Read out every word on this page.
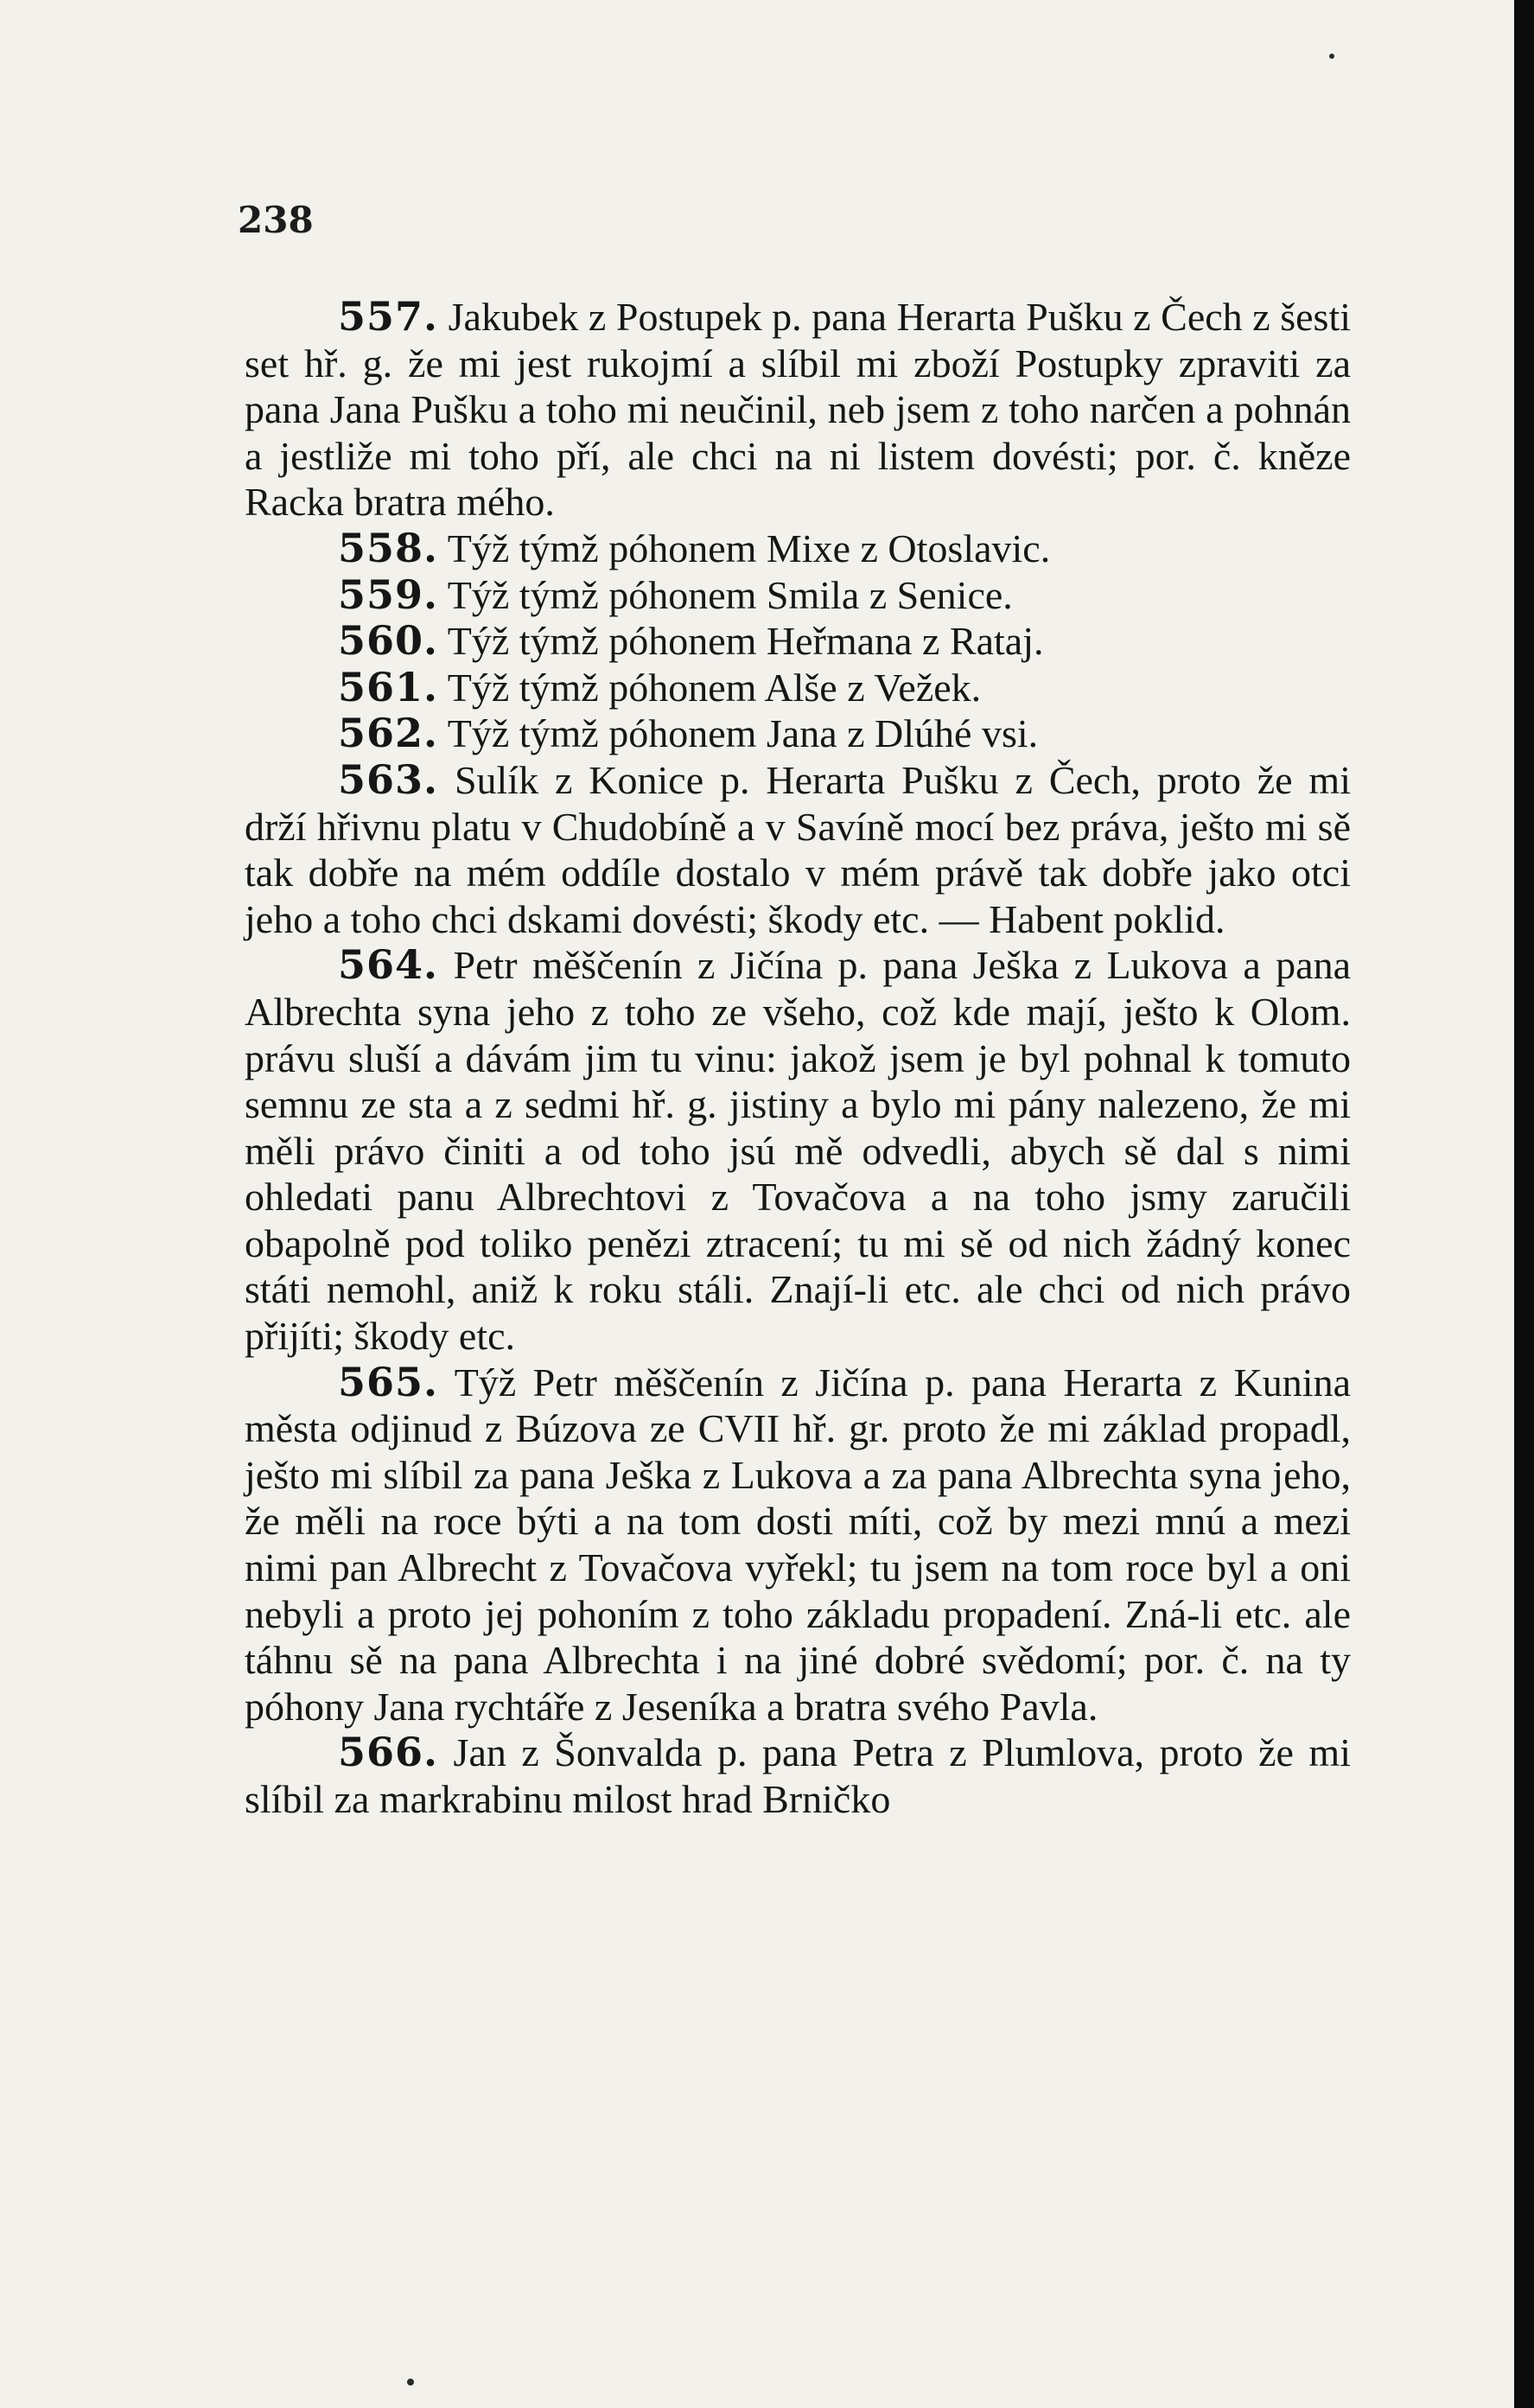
238

557. Jakubek z Postupek p. pana Herarta Pušku z Čech z šesti set hř. g. že mi jest rukojmí a slíbil mi zboží Postupky zpraviti za pana Jana Pušku a toho mi neučinil, neb jsem z toho narčen a pohnán a jestliže mi toho pří, ale chci na ni listem dovésti; por. č. kněze Racka bratra mého.

558. Týž týmž póhonem Mixe z Otoslavic.

559. Týž týmž póhonem Smila z Senice.

560. Týž týmž póhonem Heřmana z Rataj.

561. Týž týmž póhonem Alše z Vežek.

562. Týž týmž póhonem Jana z Dlúhé vsi.

563. Sulík z Konice p. Herarta Pušku z Čech, proto že mi drží hřivnu platu v Chudobíně a v Savíně mocí bez práva, ješto mi sě tak dobře na mém oddíle dostalo v mém právě tak dobře jako otci jeho a toho chci dskami dovésti; škody etc. — Habent poklid.

564. Petr měščenín z Jičína p. pana Ješka z Lukova a pana Albrechta syna jeho z toho ze všeho, což kde mají, ješto k Olom. právu sluší a dávám jim tu vinu: jakož jsem je byl pohnal k tomuto semnu ze sta a z sedmi hř. g. jistiny a bylo mi pány nalezeno, že mi měli právo činiti a od toho jsú mě odvedli, abych sě dal s nimi ohledati panu Albrechtovi z Tovačova a na toho jsmy zaručili obapolně pod toliko penězi ztracení; tu mi sě od nich žádný konec státi nemohl, aniž k roku stáli. Znají-li etc. ale chci od nich právo přijíti; škody etc.

565. Týž Petr měščenín z Jičína p. pana Herarta z Kunina města odjinud z Búzova ze CVII hř. gr. proto že mi základ propadl, ješto mi slíbil za pana Ješka z Lukova a za pana Albrechta syna jeho, že měli na roce býti a na tom dosti míti, což by mezi mnú a mezi nimi pan Albrecht z Tovačova vyřekl; tu jsem na tom roce byl a oni nebyli a proto jej pohoním z toho základu propadení. Zná-li etc. ale táhnu sě na pana Albrechta i na jiné dobré svědomí; por. č. na ty póhony Jana rychtáře z Jeseníka a bratra svého Pavla.

566. Jan z Šonvalda p. pana Petra z Plumlova, proto že mi slíbil za markrabinu milost hrad Brničko
